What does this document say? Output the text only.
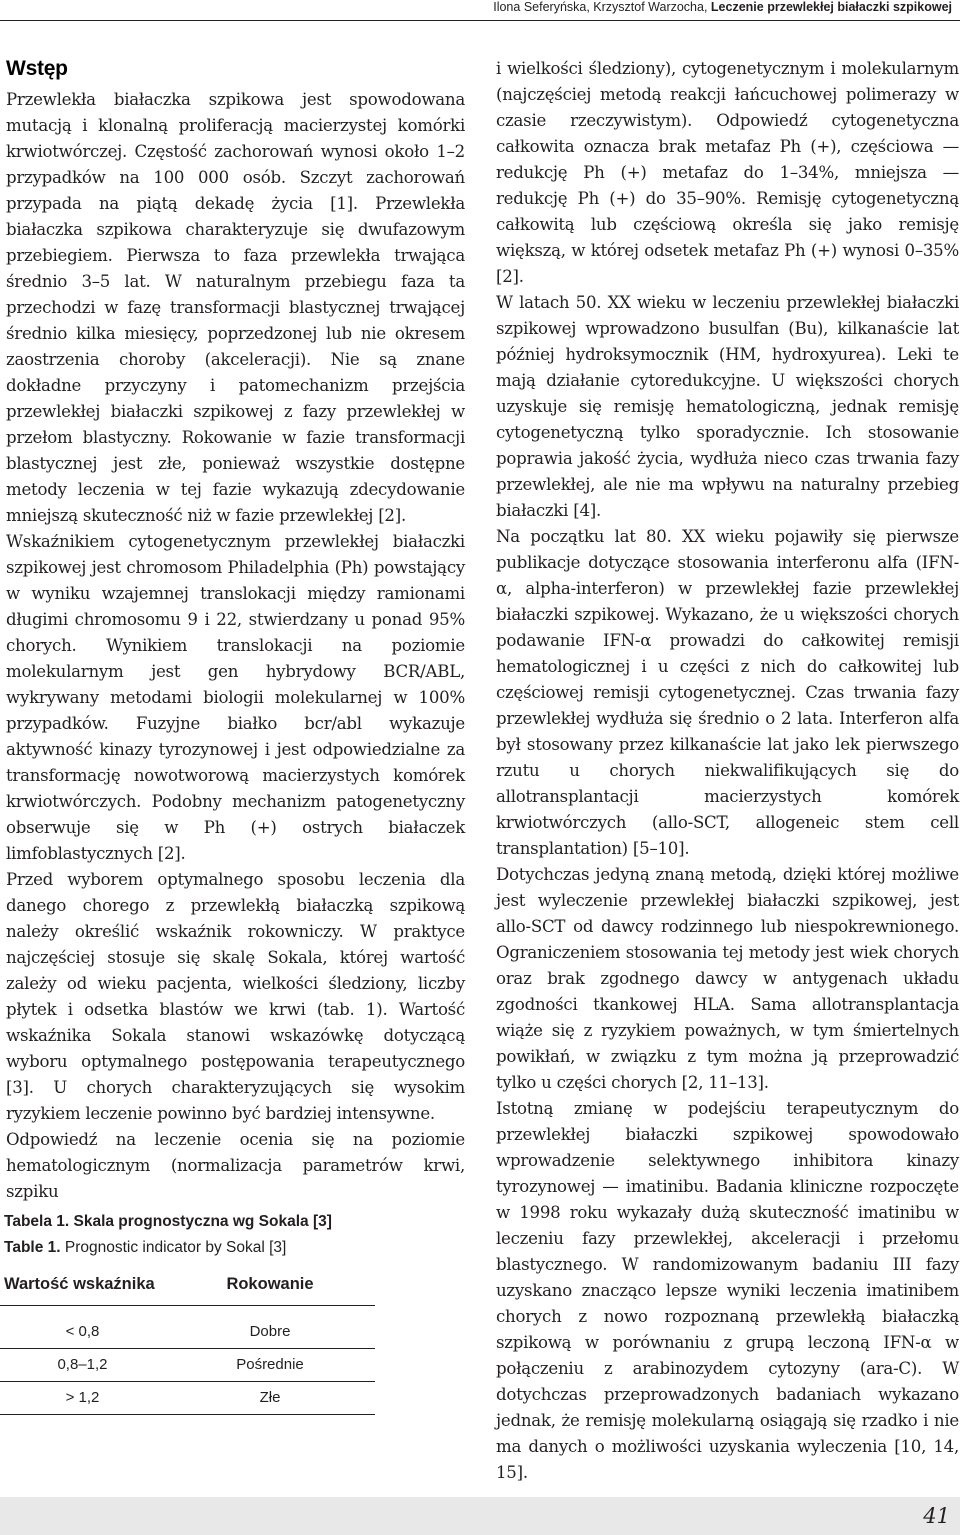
Ilona Seferyńska, Krzysztof Warzocha, Leczenie przewlekłej białaczki szpikowej
Wstęp

Przewlekła białaczka szpikowa jest spowodowana mutacją i klonalną proliferacją macierzystej komórki krwiotwórczej. Częstość zachorowań wynosi około 1–2 przypadków na 100 000 osób. Szczyt zachorowań przypada na piątą dekadę życia [1]. Przewlekła białaczka szpikowa charakteryzuje się dwufazowym przebiegiem. Pierwsza to faza przewlekła trwająca średnio 3–5 lat. W naturalnym przebiegu faza ta przechodzi w fazę transformacji blastycznej trwającej średnio kilka miesięcy, poprzedzonej lub nie okresem zaostrzenia choroby (akceleracji). Nie są znane dokładne przyczyny i patomechanizm przejścia przewlekłej białaczki szpikowej z fazy przewlekłej w przełom blastyczny. Rokowanie w fazie transformacji blastycznej jest złe, ponieważ wszystkie dostępne metody leczenia w tej fazie wykazują zdecydowanie mniejszą skuteczność niż w fazie przewlekłej [2].

Wskaźnikiem cytogenetycznym przewlekłej białaczki szpikowej jest chromosom Philadelphia (Ph) powstający w wyniku wzajemnej translokacji między ramionami długimi chromosomu 9 i 22, stwierdzany u ponad 95% chorych. Wynikiem translokacji na poziomie molekularnym jest gen hybrydowy BCR/ABL, wykrywany metodami biologii molekularnej w 100% przypadków. Fuzyjne białko bcr/abl wykazuje aktywność kinazy tyrozynowej i jest odpowiedzialne za transformację nowotworową macierzystych komórek krwiotwórczych. Podobny mechanizm patogenetyczny obserwuje się w Ph (+) ostrych białaczek limfoblastycznych [2].

Przed wyborem optymalnego sposobu leczenia dla danego chorego z przewlekłą białaczką szpikową należy określić wskaźnik rokowniczy. W praktyce najczęściej stosuje się skalę Sokala, której wartość zależy od wieku pacjenta, wielkości śledziony, liczby płytek i odsetka blastów we krwi (tab. 1). Wartość wskaźnika Sokala stanowi wskazówkę dotyczącą wyboru optymalnego postępowania terapeutycznego [3]. U chorych charakteryzujących się wysokim ryzykiem leczenie powinno być bardziej intensywne.

Odpowiedź na leczenie ocenia się na poziomie hematologicznym (normalizacja parametrów krwi, szpiku

Tabela 1. Skala prognostyczna wg Sokala [3]
Table 1. Prognostic indicator by Sokal [3]
Wartość wskaźnika	Rokowanie
< 0,8	Dobre
0,8–1,2	Pośrednie
> 1,2	Złe

i wielkości śledziony), cytogenetycznym i molekularnym (najczęściej metodą reakcji łańcuchowej polimerazy w czasie rzeczywistym). Odpowiedź cytogenetyczna całkowita oznacza brak metafaz Ph (+), częściowa — redukcję Ph (+) metafaz do 1–34%, mniejsza — redukcję Ph (+) do 35–90%. Remisję cytogenetyczną całkowitą lub częściową określa się jako remisję większą, w której odsetek metafaz Ph (+) wynosi 0–35% [2].

W latach 50. XX wieku w leczeniu przewlekłej białaczki szpikowej wprowadzono busulfan (Bu), kilkanaście lat później hydroksymocznik (HM, hydroxyurea). Leki te mają działanie cytoredukcyjne. U większości chorych uzyskuje się remisję hematologiczną, jednak remisję cytogenetyczną tylko sporadycznie. Ich stosowanie poprawia jakość życia, wydłuża nieco czas trwania fazy przewlekłej, ale nie ma wpływu na naturalny przebieg białaczki [4].

Na początku lat 80. XX wieku pojawiły się pierwsze publikacje dotyczące stosowania interferonu alfa (IFN-α, alpha-interferon) w przewlekłej fazie przewlekłej białaczki szpikowej. Wykazano, że u większości chorych podawanie IFN-α prowadzi do całkowitej remisji hematologicznej i u części z nich do całkowitej lub częściowej remisji cytogenetycznej. Czas trwania fazy przewlekłej wydłuża się średnio o 2 lata. Interferon alfa był stosowany przez kilkanaście lat jako lek pierwszego rzutu u chorych niekwalifikujących się do allotransplantacji macierzystych komórek krwiotwórczych (allo-SCT, allogeneic stem cell transplantation) [5–10].

Dotychczas jedyną znaną metodą, dzięki której możliwe jest wyleczenie przewlekłej białaczki szpikowej, jest allo-SCT od dawcy rodzinnego lub niespokrewnionego. Ograniczeniem stosowania tej metody jest wiek chorych oraz brak zgodnego dawcy w antygenach układu zgodności tkankowej HLA. Sama allotransplantacja wiąże się z ryzykiem poważnych, w tym śmiertelnych powikłań, w związku z tym można ją przeprowadzić tylko u części chorych [2, 11–13].

Istotną zmianę w podejściu terapeutycznym do przewlekłej białaczki szpikowej spowodowało wprowadzenie selektywnego inhibitora kinazy tyrozynowej — imatinibu. Badania kliniczne rozpoczęte w 1998 roku wykazały dużą skuteczność imatinibu w leczeniu fazy przewlekłej, akceleracji i przełomu blastycznego. W randomizowanym badaniu III fazy uzyskano znacząco lepsze wyniki leczenia imatinibem chorych z nowo rozpoznaną przewlekłą białaczką szpikową w porównaniu z grupą leczoną IFN-α w połączeniu z arabinozydem cytozyny (ara-C). W dotychczas przeprowadzonych badaniach wykazano jednak, że remisję molekularną osiągają się rzadko i nie ma danych o możliwości uzyskania wyleczenia [10, 14, 15].

41
